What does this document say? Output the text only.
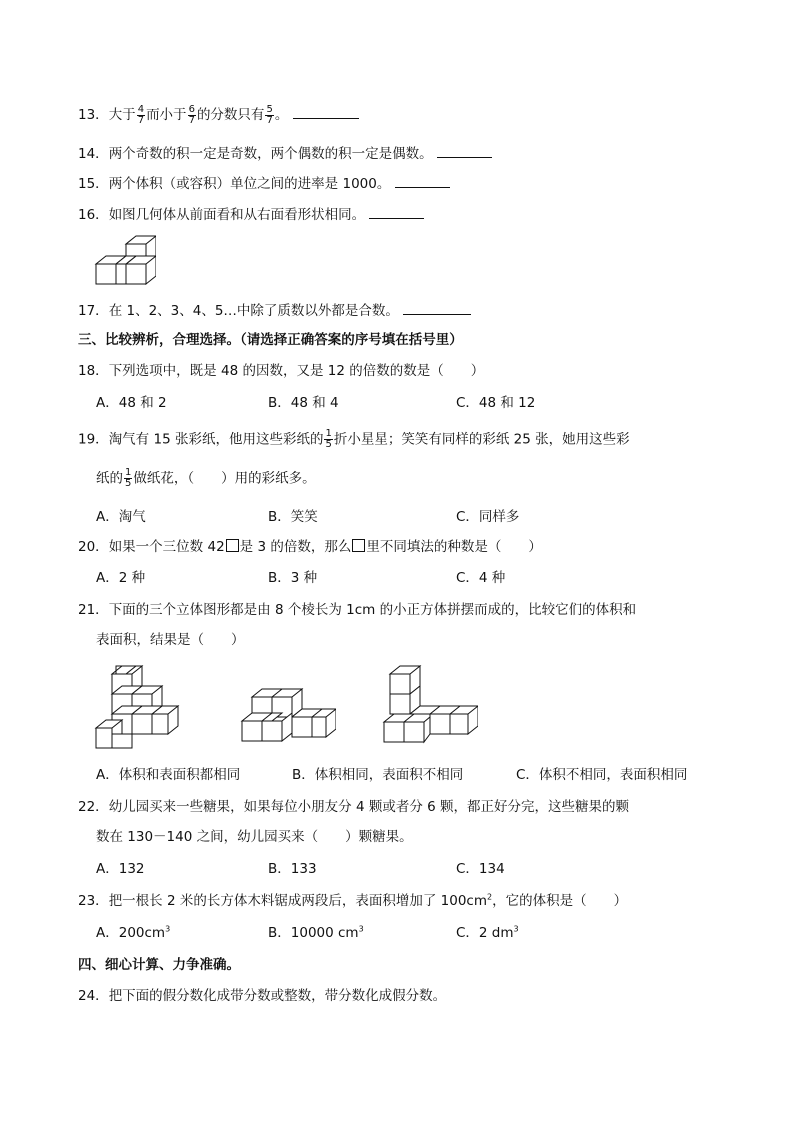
13．大于 $\frac{4}{7}$ 而小于 $\frac{6}{7}$ 的分数只有 $\frac{5}{7}$ 。
14．两个奇数的积一定是奇数，两个偶数的积一定是偶数。
15．两个体积（或容积）单位之间的进率是 1000。
16．如图几何体从前面看和从右面看形状相同。
17．在 1、2、3、4、5…中除了质数以外都是合数。
三、比较辨析，合理选择。（请选择正确答案的序号填在括号里）
18．下列选项中，既是 48 的因数，又是 12 的倍数的数是（　　）
A．48 和 2	B．48 和 4	C．48 和 12
19．淘气有 15 张彩纸，他用这些彩纸的 $\frac{1}{5}$ 折小星星；笑笑有同样的彩纸 25 张，她用这些彩
纸的 $\frac{1}{5}$ 做纸花，（　　）用的彩纸多。
A．淘气	B．笑笑	C．同样多
20．如果一个三位数 42 是 3 的倍数，那么 里不同填法的种数是（　　）
A．2 种	B．3 种	C．4 种
21．下面的三个立体图形都是由 8 个棱长为 1cm 的小正方体拼摆而成的，比较它们的体积和
表面积，结果是（　　）
A．体积和表面积都相同	B．体积相同，表面积不相同	C．体积不相同，表面积相同
22．幼儿园买来一些糖果，如果每位小朋友分 4 颗或者分 6 颗，都正好分完，这些糖果的颗
数在 130－140 之间，幼儿园买来（　　）颗糖果。
A．132	B．133	C．134
23．把一根长 2 米的长方体木料锯成两段后，表面积增加了 $100cm^2$，它的体积是（　　）
A．$200cm^3$	B．10000 $cm^3$	C．2 $dm^3$
四、细心计算、力争准确。
24．把下面的假分数化成带分数或整数，带分数化成假分数。
